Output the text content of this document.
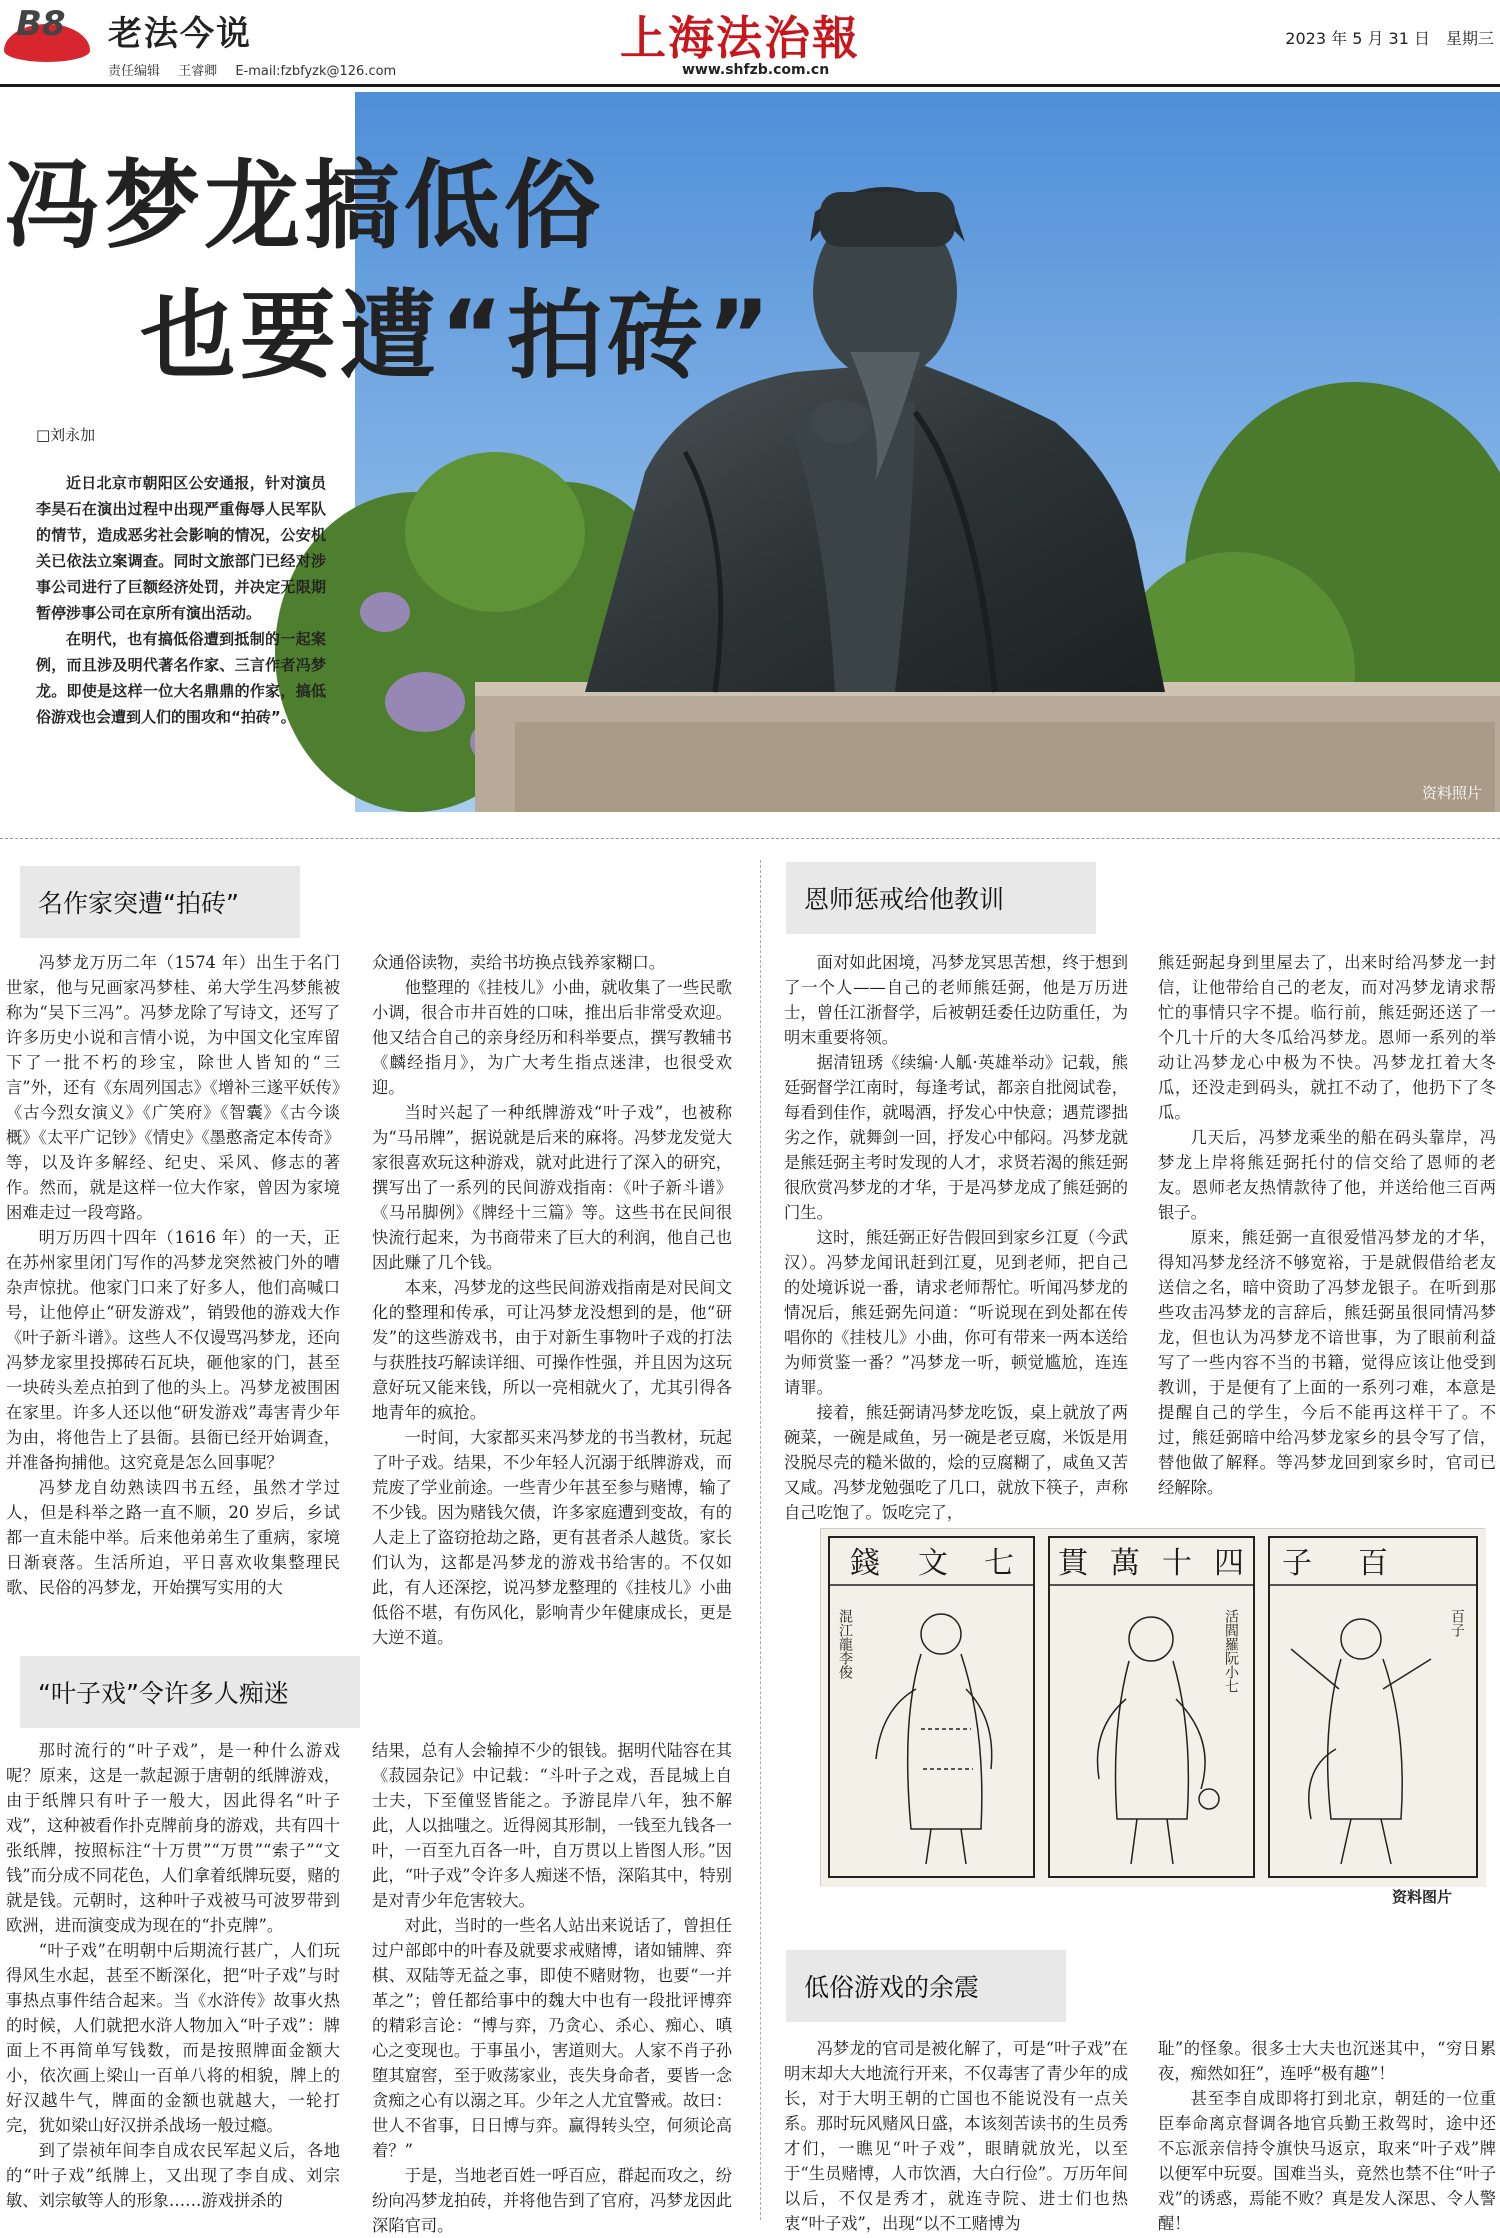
B8 老法今说
责任编辑 王睿卿 E-mail:fzbfyzk@126.com
上海法治報
www.shfzb.com.cn
2023 年 5 月 31 日　星期三
资料照片
冯梦龙搞低俗
也要遭“拍砖”
□刘永加

近日北京市朝阳区公安通报，针对演员李昊石在演出过程中出现严重侮辱人民军队的情节，造成恶劣社会影响的情况，公安机关已依法立案调查。同时文旅部门已经对涉事公司进行了巨额经济处罚，并决定无限期暂停涉事公司在京所有演出活动。

在明代，也有搞低俗遭到抵制的一起案例，而且涉及明代著名作家、三言作者冯梦龙。即使是这样一位大名鼎鼎的作家，搞低俗游戏也会遭到人们的围攻和“拍砖”。

名作家突遭“拍砖”

冯梦龙万历二年（1574 年）出生于名门世家，他与兄画家冯梦桂、弟大学生冯梦熊被称为“吴下三冯”。冯梦龙除了写诗文，还写了许多历史小说和言情小说，为中国文化宝库留下了一批不朽的珍宝，除世人皆知的“三言”外，还有《东周列国志》《增补三遂平妖传》《古今烈女演义》《广笑府》《智囊》《古今谈概》《太平广记钞》《情史》《墨憨斋定本传奇》等，以及许多解经、纪史、采风、修志的著作。然而，就是这样一位大作家，曾因为家境困难走过一段弯路。

明万历四十四年（1616 年）的一天，正在苏州家里闭门写作的冯梦龙突然被门外的嘈杂声惊扰。他家门口来了好多人，他们高喊口号，让他停止“研发游戏”，销毁他的游戏大作《叶子新斗谱》。这些人不仅谩骂冯梦龙，还向冯梦龙家里投掷砖石瓦块，砸他家的门，甚至一块砖头差点拍到了他的头上。冯梦龙被围困在家里。许多人还以他“研发游戏”毒害青少年为由，将他告上了县衙。县衙已经开始调查，并准备拘捕他。这究竟是怎么回事呢？

冯梦龙自幼熟读四书五经，虽然才学过人，但是科举之路一直不顺，20 岁后，乡试都一直未能中举。后来他弟弟生了重病，家境日渐衰落。生活所迫，平日喜欢收集整理民歌、民俗的冯梦龙，开始撰写实用的大

众通俗读物，卖给书坊换点钱养家糊口。

他整理的《挂枝儿》小曲，就收集了一些民歌小调，很合市井百姓的口味，推出后非常受欢迎。他又结合自己的亲身经历和科举要点，撰写教辅书《麟经指月》，为广大考生指点迷津，也很受欢迎。

当时兴起了一种纸牌游戏“叶子戏”，也被称为“马吊牌”，据说就是后来的麻将。冯梦龙发觉大家很喜欢玩这种游戏，就对此进行了深入的研究，撰写出了一系列的民间游戏指南：《叶子新斗谱》《马吊脚例》《牌经十三篇》等。这些书在民间很快流行起来，为书商带来了巨大的利润，他自己也因此赚了几个钱。

本来，冯梦龙的这些民间游戏指南是对民间文化的整理和传承，可让冯梦龙没想到的是，他“研发”的这些游戏书，由于对新生事物叶子戏的打法与获胜技巧解读详细、可操作性强，并且因为这玩意好玩又能来钱，所以一亮相就火了，尤其引得各地青年的疯抢。

一时间，大家都买来冯梦龙的书当教材，玩起了叶子戏。结果，不少年轻人沉溺于纸牌游戏，而荒废了学业前途。一些青少年甚至参与赌博，输了不少钱。因为赌钱欠债，许多家庭遭到变故，有的人走上了盗窃抢劫之路，更有甚者杀人越货。家长们认为，这都是冯梦龙的游戏书给害的。不仅如此，有人还深挖，说冯梦龙整理的《挂枝儿》小曲低俗不堪，有伤风化，影响青少年健康成长，更是大逆不道。

恩师惩戒给他教训

面对如此困境，冯梦龙冥思苦想，终于想到了一个人——自己的老师熊廷弼，他是万历进士，曾任江浙督学，后被朝廷委任边防重任，为明末重要将领。

据清钮琇《续编·人觚·英雄举动》记载，熊廷弼督学江南时，每逢考试，都亲自批阅试卷，每看到佳作，就喝酒，抒发心中快意；遇荒谬拙劣之作，就舞剑一回，抒发心中郁闷。冯梦龙就是熊廷弼主考时发现的人才，求贤若渴的熊廷弼很欣赏冯梦龙的才华，于是冯梦龙成了熊廷弼的门生。

这时，熊廷弼正好告假回到家乡江夏（今武汉）。冯梦龙闻讯赶到江夏，见到老师，把自己的处境诉说一番，请求老师帮忙。听闻冯梦龙的情况后，熊廷弼先问道：“听说现在到处都在传唱你的《挂枝儿》小曲，你可有带来一两本送给为师赏鉴一番？”冯梦龙一听，顿觉尴尬，连连请罪。

接着，熊廷弼请冯梦龙吃饭，桌上就放了两碗菜，一碗是咸鱼，另一碗是老豆腐，米饭是用没脱尽壳的糙米做的，烩的豆腐糊了，咸鱼又苦又咸。冯梦龙勉强吃了几口，就放下筷子，声称自己吃饱了。饭吃完了，

熊廷弼起身到里屋去了，出来时给冯梦龙一封信，让他带给自己的老友，而对冯梦龙请求帮忙的事情只字不提。临行前，熊廷弼还送了一个几十斤的大冬瓜给冯梦龙。恩师一系列的举动让冯梦龙心中极为不快。冯梦龙扛着大冬瓜，还没走到码头，就扛不动了，他扔下了冬瓜。

几天后，冯梦龙乘坐的船在码头靠岸，冯梦龙上岸将熊廷弼托付的信交给了恩师的老友。恩师老友热情款待了他，并送给他三百两银子。

原来，熊廷弼一直很爱惜冯梦龙的才华，得知冯梦龙经济不够宽裕，于是就假借给老友送信之名，暗中资助了冯梦龙银子。在听到那些攻击冯梦龙的言辞后，熊廷弼虽很同情冯梦龙，但也认为冯梦龙不谙世事，为了眼前利益写了一些内容不当的书籍，觉得应该让他受到教训，于是便有了上面的一系列刁难，本意是提醒自己的学生，今后不能再这样干了。不过，熊廷弼暗中给冯梦龙家乡的县令写了信，替他做了解释。等冯梦龙回到家乡时，官司已经解除。

“叶子戏”令许多人痴迷

那时流行的“叶子戏”，是一种什么游戏呢？原来，这是一款起源于唐朝的纸牌游戏，由于纸牌只有叶子一般大，因此得名“叶子戏”，这种被看作扑克牌前身的游戏，共有四十张纸牌，按照标注“十万贯”“万贯”“索子”“文钱”而分成不同花色，人们拿着纸牌玩耍，赌的就是钱。元朝时，这种叶子戏被马可波罗带到欧洲，进而演变成为现在的“扑克牌”。

“叶子戏”在明朝中后期流行甚广，人们玩得风生水起，甚至不断深化，把“叶子戏”与时事热点事件结合起来。当《水浒传》故事火热的时候，人们就把水浒人物加入“叶子戏”：牌面上不再简单写钱数，而是按照牌面金额大小，依次画上梁山一百单八将的相貌，牌上的好汉越牛气，牌面的金额也就越大，一轮打完，犹如梁山好汉拼杀战场一般过瘾。

到了崇祯年间李自成农民军起义后，各地的“叶子戏”纸牌上，又出现了李自成、刘宗敏、刘宗敏等人的形象……游戏拼杀的

结果，总有人会输掉不少的银钱。据明代陆容在其《菽园杂记》中记载：“斗叶子之戏，吾昆城上自士夫，下至僮竖皆能之。予游昆岸八年，独不解此，人以拙嗤之。近得阅其形制，一钱至九钱各一叶，一百至九百各一叶，自万贯以上皆图人形。”因此，“叶子戏”令许多人痴迷不悟，深陷其中，特别是对青少年危害较大。

对此，当时的一些名人站出来说话了，曾担任过户部郎中的叶春及就要求戒赌博，诸如铺牌、弈棋、双陆等无益之事，即使不赌财物，也要“一并革之”；曾任都给事中的魏大中也有一段批评博弈的精彩言论：“博与弈，乃贪心、杀心、痴心、嗔心之变现也。于事虽小，害道则大。人家不肖子孙堕其窟窖，至于败荡家业，丧失身命者，要皆一念贪痴之心有以溺之耳。少年之人尤宜警戒。故曰：世人不省事，日日博与弈。赢得转头空，何须论高着？”

于是，当地老百姓一呼百应，群起而攻之，纷纷向冯梦龙拍砖，并将他告到了官府，冯梦龙因此深陷官司。

七
文
錢	四
十
萬
貫	百
子
混江龍李俊	活閻羅阮小七	百子
资料图片
低俗游戏的余震

冯梦龙的官司是被化解了，可是“叶子戏”在明末却大大地流行开来，不仅毒害了青少年的成长，对于大明王朝的亡国也不能说没有一点关系。那时玩风赌风日盛，本该刻苦读书的生员秀才们，一瞧见“叶子戏”，眼睛就放光，以至于“生员赌博，人市饮酒，大白行俭”。万历年间以后，不仅是秀才，就连寺院、进士们也热衷“叶子戏”，出现“以不工赌博为

耻”的怪象。很多士大夫也沉迷其中，“穷日累夜，痴然如狂”，连呼“极有趣”！

甚至李自成即将打到北京，朝廷的一位重臣奉命离京督调各地官兵勤王救驾时，途中还不忘派亲信持令旗快马返京，取来“叶子戏”牌以便军中玩耍。国难当头，竟然也禁不住“叶子戏”的诱惑，焉能不败？真是发人深思、令人警醒！
